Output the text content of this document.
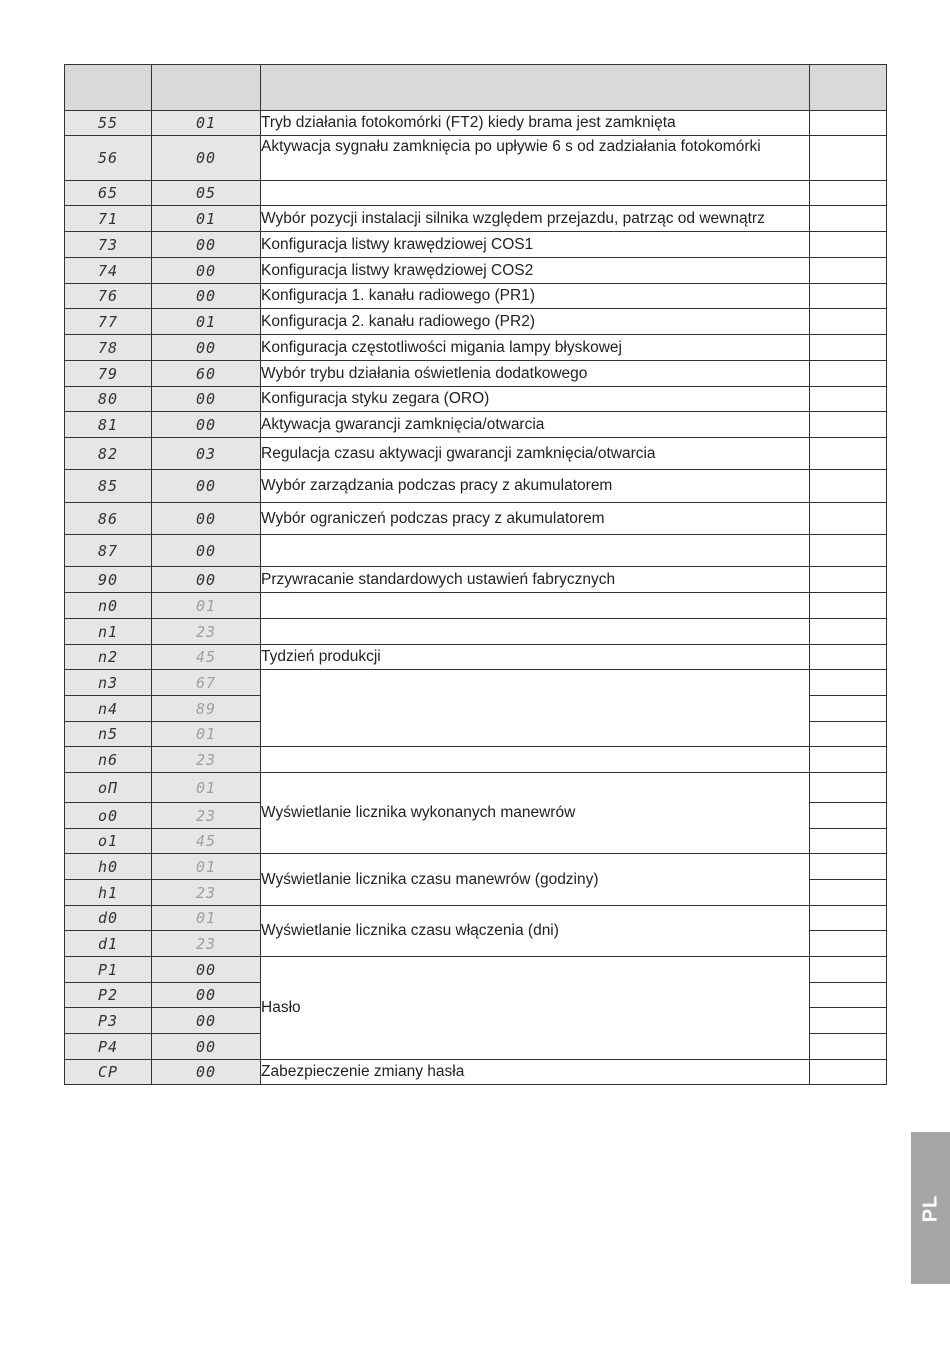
55	01	Tryb działania fotokomórki (FT2) kiedy brama jest zamknięta	
56	00	Aktywacja sygnału zamknięcia po upływie 6 s od zadziałania fotokomórki	
65	05		
71	01	Wybór pozycji instalacji silnika względem przejazdu, patrząc od wewnątrz	
73	00	Konfiguracja listwy krawędziowej COS1	
74	00	Konfiguracja listwy krawędziowej COS2	
76	00	Konfiguracja 1. kanału radiowego (PR1)	
77	01	Konfiguracja 2. kanału radiowego (PR2)	
78	00	Konfiguracja częstotliwości migania lampy błyskowej	
79	60	Wybór trybu działania oświetlenia dodatkowego	
80	00	Konfiguracja styku zegara (ORO)	
81	00	Aktywacja gwarancji zamknięcia/otwarcia	
82	03	Regulacja czasu aktywacji gwarancji zamknięcia/otwarcia	
85	00	Wybór zarządzania podczas pracy z akumulatorem	
86	00	Wybór ograniczeń podczas pracy z akumulatorem	
87	00		
90	00	Przywracanie standardowych ustawień fabrycznych	
n0	01		
n1	23		
n2	45	Tydzień produkcji	
n3	67		
n4	89		
n5	01		
n6	23		
oΠ	01	Wyświetlanie licznika wykonanych manewrów	
o0	23		
o1	45		
h0	01	Wyświetlanie licznika czasu manewrów (godziny)	
h1	23		
d0	01	Wyświetlanie licznika czasu włączenia (dni)	
d1	23		
P1	00	Hasło	
P2	00		
P3	00		
P4	00		
CP	00	Zabezpieczenie zmiany hasła	
PL
